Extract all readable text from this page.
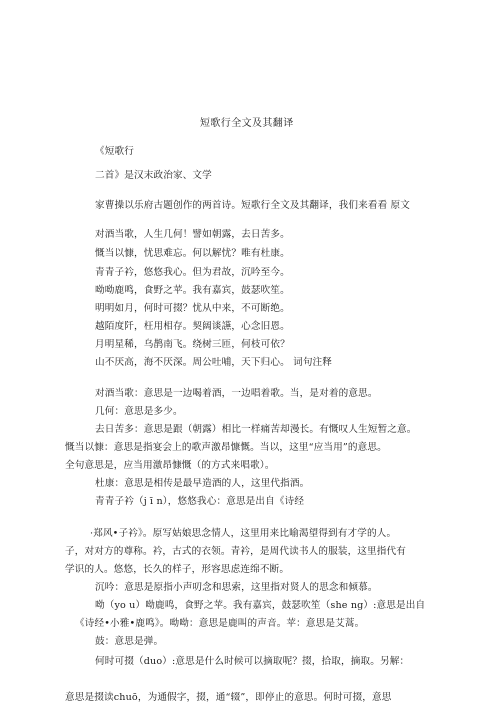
短歌行全文及其翻译
《短歌行
二首》是汉末政治家、文学
家曹操以乐府古题创作的两首诗。短歌行全文及其翻译，我们来看看 原文
对酒当歌，人生几何！譬如朝露，去日苦多。
慨当以慷，忧思难忘。何以解忧？唯有杜康。
青青子衿，悠悠我心。但为君故，沉吟至今。
呦呦鹿鸣，食野之苹。我有嘉宾，鼓瑟吹笙。
明明如月，何时可掇？忧从中来，不可断绝。
越陌度阡，枉用相存。契阔谈讌，心念旧恩。
月明星稀，乌鹊南飞。绕树三匝，何枝可依？
山不厌高，海不厌深。周公吐哺，天下归心。 词句注释
对酒当歌：意思是一边喝着酒，一边唱着歌。当，是对着的意思。
几何：意思是多少。
去日苦多：意思是跟（朝露）相比一样痛苦却漫长。有慨叹人生短暂之意。
慨当以慷：意思是指宴会上的歌声激昂慷慨。当以，这里“应当用”的意思。
全句意思是，应当用激昂慷慨（的方式来唱歌）。
杜康：意思是相传是最早造酒的人，这里代指酒。
青青子衿（j ī n），悠悠我心：意思是出自《诗经
·郑风•子衿》。原写姑娘思念情人，这里用来比喻渴望得到有才学的人。
子，对对方的尊称。衿，古式的衣领。青衿，是周代读书人的服装，这里指代有
学识的人。悠悠，长久的样子，形容思虑连绵不断。
沉吟：意思是原指小声叨念和思索，这里指对贤人的思念和倾慕。
呦（yo u）呦鹿鸣，食野之苹。我有嘉宾，鼓瑟吹笙（she ng）:意思是出自
《诗经•小雅•鹿鸣》。呦呦：意思是鹿叫的声音。苹：意思是艾蒿。
鼓：意思是弹。
何时可掇（duo）:意思是什么时候可以摘取呢？掇，拾取，摘取。另解：
意思是掇读chuō，为通假字，掇，通“辍”，即停止的意思。何时可掇，意思
